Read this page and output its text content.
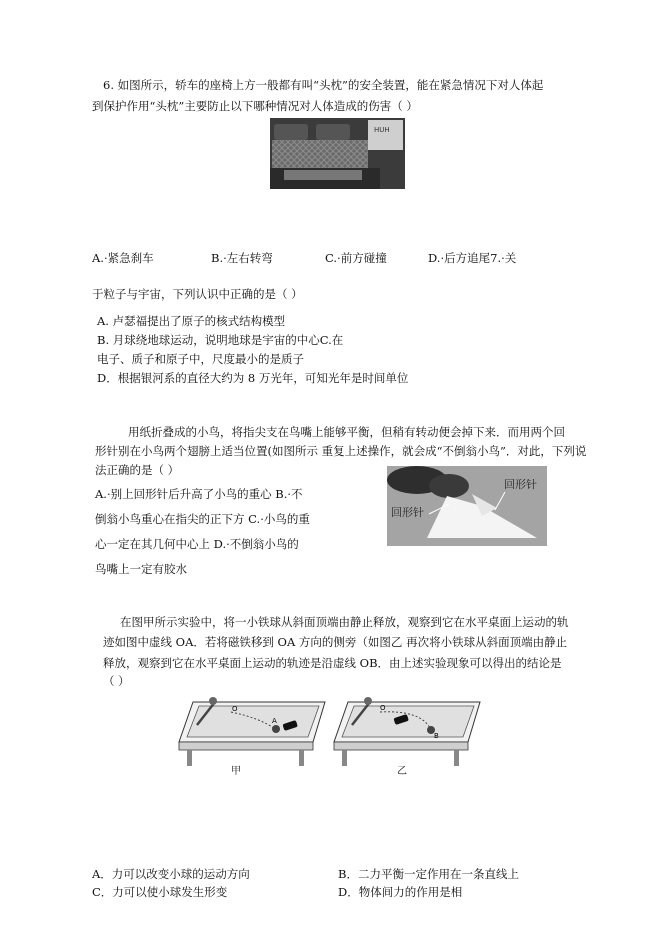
6. 如图所示，轿车的座椅上方一般都有叫“头枕”的安全装置，能在紧急情况下对人体起
到保护作用“头枕”主要防止以下哪种情况对人体造成的伤害（ ）
HUH
A.·紧急刹车	B.·左右转弯	C.·前方碰撞	D.·后方追尾7.·关
于粒子与宇宙，下列认识中正确的是（ ）
A. 卢瑟福提出了原子的核式结构模型
B. 月球绕地球运动，说明地球是宇宙的中心C.在
电子、质子和原子中，尺度最小的是质子
D．根据银河系的直径大约为 8 万光年，可知光年是时间单位
用纸折叠成的小鸟，将指尖支在鸟嘴上能够平衡，但稍有转动便会掉下来．而用两个回
形针别在小鸟两个翅膀上适当位置(如图所示 重复上述操作，就会成“不倒翁小鸟”．对此，下列说
法正确的是（ ）
A.·别上回形针后升高了小鸟的重心 B.·不
倒翁小鸟重心在指尖的正下方 C.·小鸟的重
心一定在其几何中心上 D.·不倒翁小鸟的
鸟嘴上一定有胶水
回形针
回形针
在图甲所示实验中，将一小铁球从斜面顶端由静止释放，观察到它在水平桌面上运动的轨
迹如图中虚线 OA．若将磁铁移到 OA 方向的侧旁（如图乙 再次将小铁球从斜面顶端由静止
释放，观察到它在水平桌面上运动的轨迹是沿虚线 OB．由上述实验现象可以得出的结论是
（ ）
O
A
甲
O
B
乙
A．力可以改变小球的运动方向	B．二力平衡一定作用在一条直线上
C．力可以使小球发生形变	D．物体间力的作用是相
